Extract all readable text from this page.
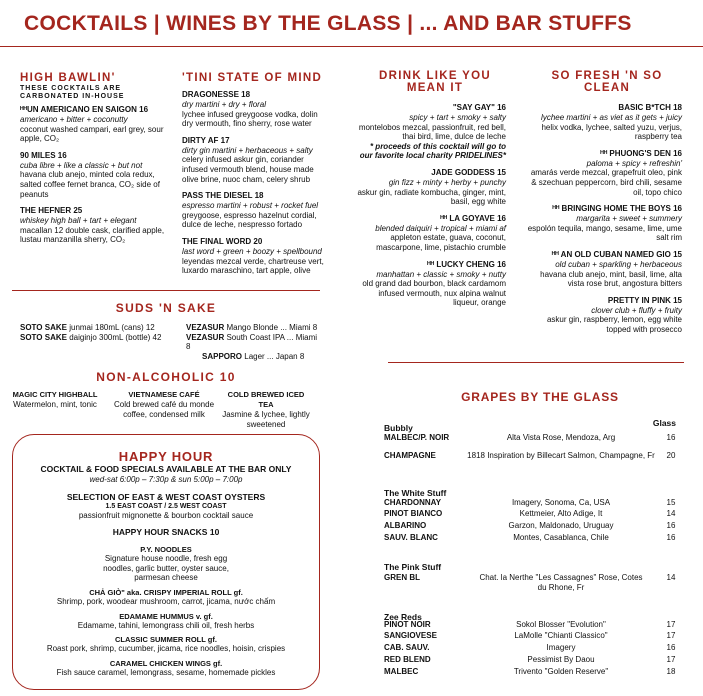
COCKTAILS | WINES BY THE GLASS | ... AND BAR STUFFS
HIGH BAWLIN'
THESE COCKTAILS ARE
CARBONATED IN-HOUSE
ᴴᴴUN AMERICANO EN SAIGON 16
americano + bitter + coconutty
coconut washed campari, earl grey, sour apple, CO₂
90 MILES 16
cuba libre + like a classic + but not
havana club anejo, minted cola redux, salted coffee fernet branca, CO₂ side of peanuts
THE HEFNER 25
whiskey high ball + tart + elegant
macallan 12 double cask, clarified apple, lustau manzanilla sherry, CO₂
'TINI STATE OF MIND
DRAGONESSE 18
dry martini + dry + floral
lychee infused greygoose vodka, dolin dry vermouth, fino sherry, rose water
DIRTY AF 17
dirty gin martini + herbaceous + salty
celery infused askur gin, coriander infused vermouth blend, house made olive brine, nuoc cham, celery shrub
PASS THE DIESEL 18
espresso martini + robust + rocket fuel
greygoose, espresso hazelnut cordial, dulce de leche, nespresso fortado
THE FINAL WORD 20
last word + green + boozy + spellbound
leyendas mezcal verde, chartreuse vert, luxardo maraschino, tart apple, olive
DRINK LIKE YOU
MEAN IT
"SAY GAY" 16
spicy + tart + smoky + salty
montelobos mezcal, passionfruit, red bell, thai bird, lime, dulce de leche
* proceeds of this cocktail will go to our favorite local charity PRIDELINES*
JADE GODDESS 15
gin fizz + minty + herby + punchy
askur gin, radiate kombucha, ginger, mint, basil, egg white
ᴴᴴ LA GOYAVE 16
blended daiquiri + tropical + miami af
appleton estate, guava, coconut, mascarpone, lime, pistachio crumble
ᴴᴴ LUCKY CHENG 16
manhattan + classic + smoky + nutty
old grand dad bourbon, black cardamom infused vermouth, nux alpina walnut liqueur, orange
SO FRESH 'N SO
CLEAN
BASIC B*TCH 18
lychee martini + as viet as it gets + juicy
helix vodka, lychee, salted yuzu, verjus, raspberry tea
ᴴᴴ PHUONG'S DEN 16
paloma + spicy + refreshin'
amarás verde mezcal, grapefruit oleo, pink & szechuan peppercorn, bird chili, sesame oil, topo chico
ᴴᴴ BRINGING HOME THE BOYS 16
margarita + sweet + summery
espolón tequila, mango, sesame, lime, ume salt rim
ᴴᴴ AN OLD CUBAN NAMED GIO 15
old cuban + sparkling + herbaceous
havana club anejo, mint, basil, lime, alta vista rose brut, angostura bitters
PRETTY IN PINK 15
clover club + fluffy + fruity
askur gin, raspberry, lemon, egg white topped with prosecco
SUDS 'N SAKE
SOTO SAKE junmai 180mL (cans) 12
SOTO SAKE daiginjo 300mL (bottle) 42
VEZASUR Mango Blonde ... Miami 8
VEZASUR South Coast IPA ... Miami 8
SAPPORO Lager ... Japan 8
NON-ALCOHOLIC 10
MAGIC CITY HIGHBALL
Watermelon, mint, tonic
VIETNAMESE CAFÉ
Cold brewed café du monde coffee, condensed milk
COLD BREWED ICED TEA
Jasmine & lychee, lightly sweetened
HAPPY HOUR
COCKTAIL & FOOD SPECIALS AVAILABLE AT THE BAR ONLY
wed-sat 6:00p – 7:30p & sun 5:00p – 7:00p
SELECTION OF EAST & WEST COAST OYSTERS
1.5 EAST COAST / 2.5 WEST COAST
passionfruit mignonette & bourbon cocktail sauce
HAPPY HOUR SNACKS 10
P.Y. NOODLES
Signature house noodle, fresh egg noodles, garlic butter, oyster sauce, parmesan cheese
CHẢ GIÒ" aka. CRISPY IMPERIAL ROLL gf.
Shrimp, pork, woodear mushroom, carrot, jicama, nước chấm
EDAMAME HUMMUS v. gf.
Edamame, tahini, lemongrass chili oil, fresh herbs
CLASSIC SUMMER ROLL gf.
Roast pork, shrimp, cucumber, jicama, rice noodles, hoisin, crispies
CARAMEL CHICKEN WINGS gf.
Fish sauce caramel, lemongrass, sesame, homemade pickles
GRAPES BY THE GLASS
Bubbly	Glass
MALBEC/P. NOIR	Alta Vista Rose, Mendoza, Arg	16
CHAMPAGNE	1818 Inspiration by Billecart Salmon, Champagne, Fr	20
The White Stuff
CHARDONNAY	Imagery, Sonoma, Ca, USA	15
PINOT BIANCO	Kettmeier, Alto Adige, It	14
ALBARINO	Garzon, Maldonado, Uruguay	16
SAUV. BLANC	Montes, Casablanca, Chile	16
The Pink Stuff
GREN BL	Chat. la Nerthe "Les Cassagnes" Rose, Cotes du Rhone, Fr
14
Zee Reds
PINOT NOIR	Sokol Blosser "Evolution"	17
SANGIOVESE	LaMolle "Chianti Classico"	17
CAB. SAUV.	Imagery	16
RED BLEND	Pessimist By Daou	17
MALBEC	Trivento "Golden Reserve"	18
